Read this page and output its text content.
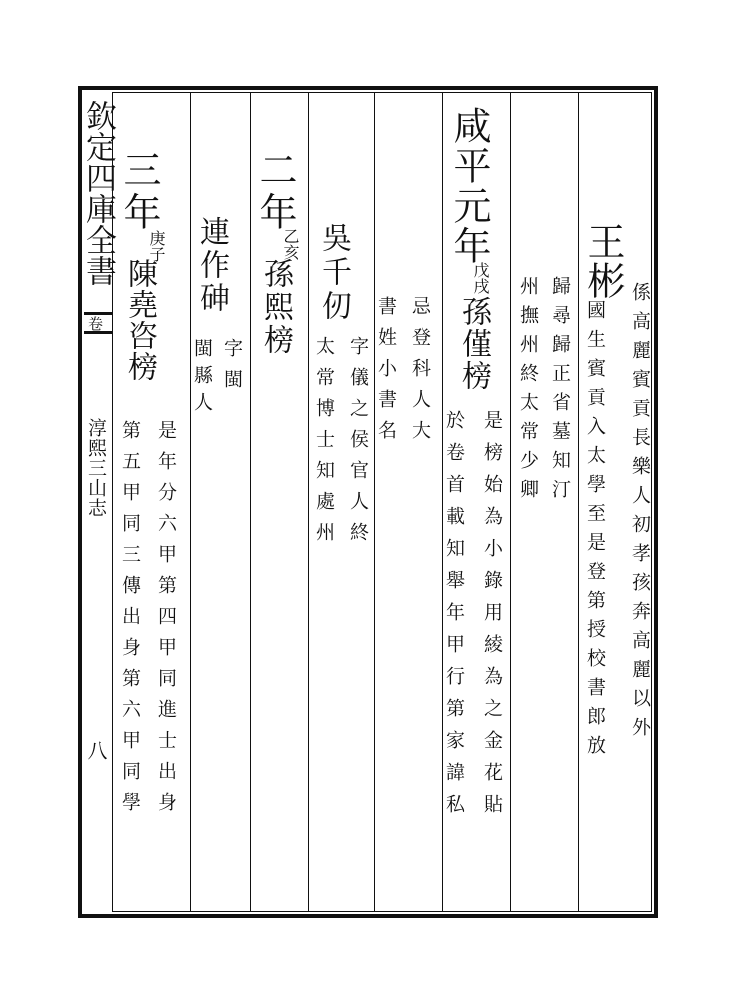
欽定四庫全書
卷
淳熙三山志
八
王彬
係高麗賓貢長樂人初孝孩奔高麗以外
國生賓貢入太學至是登第授校書郎放
歸尋歸正省墓知汀
州撫州終太常少卿
咸平元年
戊戌
孫僅榜
是榜始為小錄用綾為之金花貼
於卷首載知舉年甲行第家諱私
忌登科人大
書姓小書名
吳千仞
字儀之侯官人終
太常博士知處州
二年
乙亥
孫熙榜
連作砷
字閩
閩縣人
三年
庚子
陳堯咨榜
是年分六甲第四甲同進士出身
第五甲同三傳出身第六甲同學
